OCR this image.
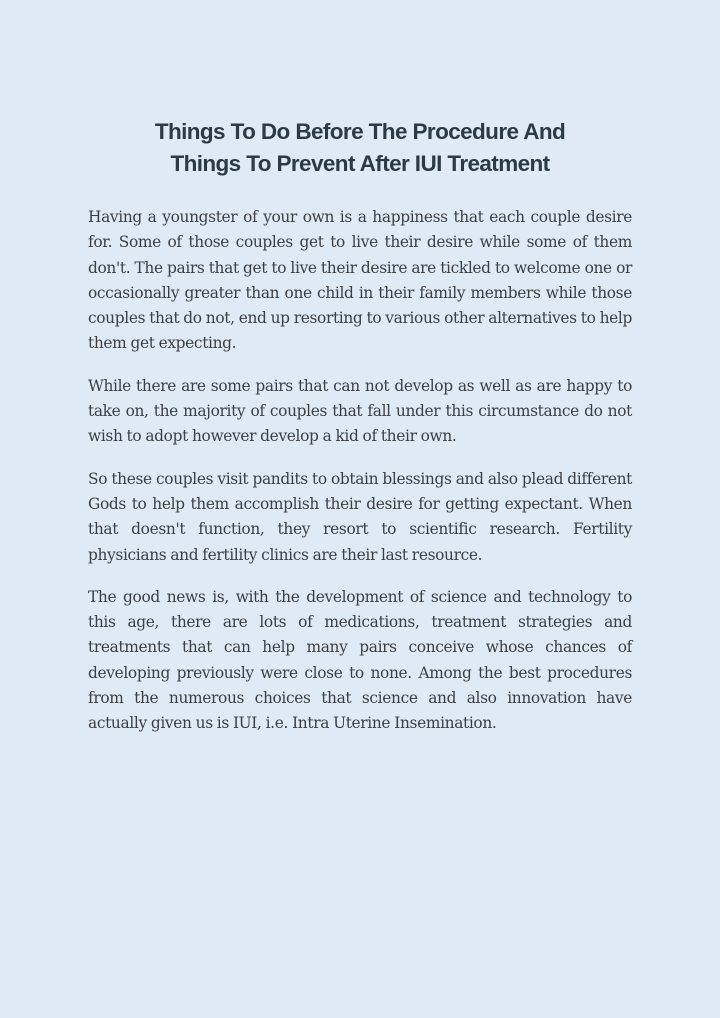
Things To Do Before The Procedure And
Things To Prevent After IUI Treatment

Having a youngster of your own is a happiness that each couple desire for. Some of those couples get to live their desire while some of them don't. The pairs that get to live their desire are tickled to welcome one or occasionally greater than one child in their family members while those couples that do not, end up resorting to various other alternatives to help them get expecting.

While there are some pairs that can not develop as well as are happy to take on, the majority of couples that fall under this circumstance do not wish to adopt however develop a kid of their own.

So these couples visit pandits to obtain blessings and also plead different Gods to help them accomplish their desire for getting expectant. When that doesn't function, they resort to scientific research. Fertility physicians and fertility clinics are their last resource.

The good news is, with the development of science and technology to this age, there are lots of medications, treatment strategies and treatments that can help many pairs conceive whose chances of developing previously were close to none. Among the best procedures from the numerous choices that science and also innovation have actually given us is IUI, i.e. Intra Uterine Insemination.
